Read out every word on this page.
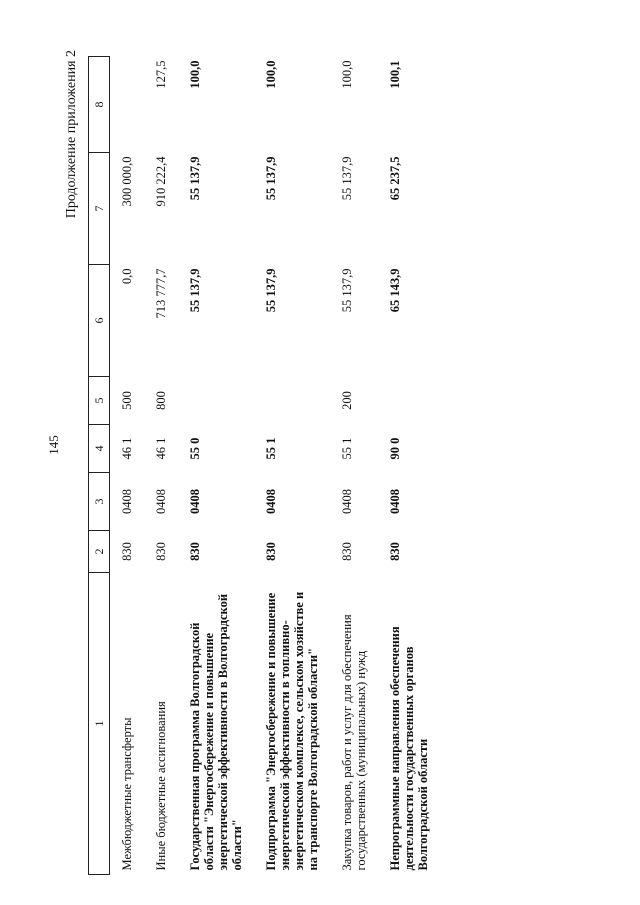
145
Продолжение приложения 2
1	2	3	4	5	6	7	8
Межбюджетные трансферты	830	0408	46 1	500	0,0	300 000,0	
Иные бюджетные ассигнования	830	0408	46 1	800	713 777,7	910 222,4	127,5
Государственная программа Волгоградской области "Энергосбережение и повышение энергетической эффективности в Волгоградской области"	830	0408	55 0		55 137,9	55 137,9	100,0
Подпрограмма "Энергосбережение и повышение энергетической эффективности в топливно-энергетическом комплексе, сельском хозяйстве и на транспорте Волгоградской области"	830	0408	55 1		55 137,9	55 137,9	100,0
Закупка товаров, работ и услуг для обеспечения государственных (муниципальных) нужд	830	0408	55 1	200	55 137,9	55 137,9	100,0
Непрограммные направления обеспечения деятельности государственных органов Волгоградской области	830	0408	90 0		65 143,9	65 237,5	100,1
